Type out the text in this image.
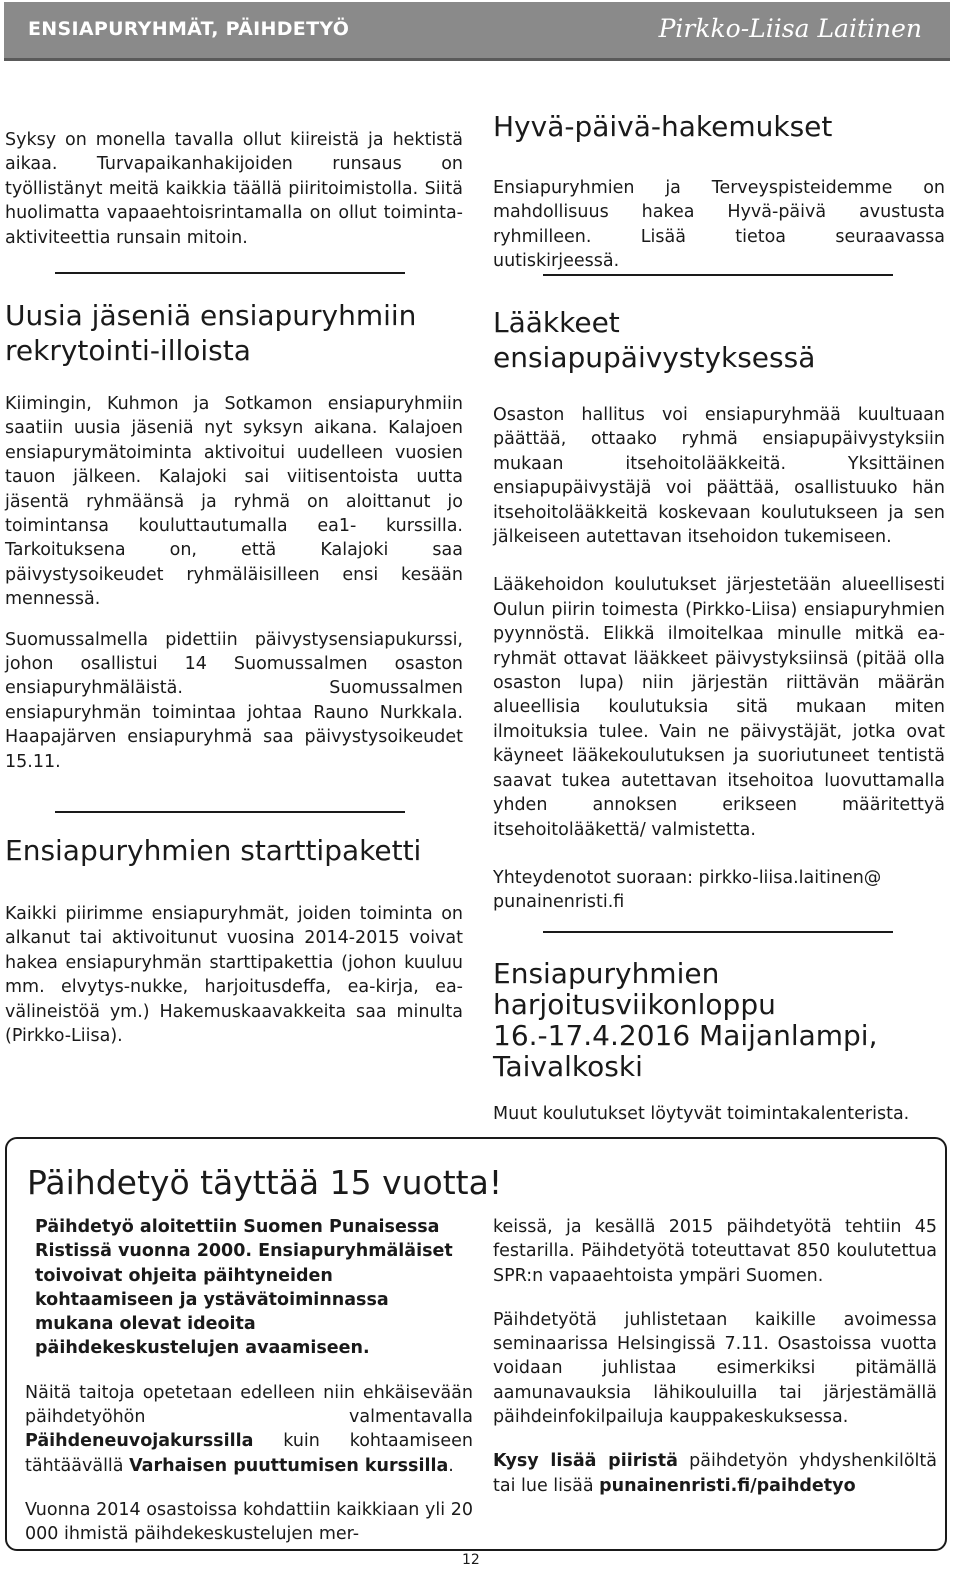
ENSIAPURYHMÄT, PÄIHDETYÖ	Pirkko-Liisa Laitinen

Syksy on monella tavalla ollut kiireistä ja hektistä aikaa. Turvapaikanhakijoiden runsaus on työllistänyt meitä kaikkia täällä piiritoimistolla. Siitä huolimatta vapaaehtoisrintamalla on ollut toiminta-aktiviteettia runsain mitoin.

Uusia jäseniä ensiapuryhmiin rekrytointi-illoista

Kiimingin, Kuhmon ja Sotkamon ensiapuryhmiin saatiin uusia jäseniä nyt syksyn aikana. Kalajoen ensiapurymätoiminta aktivoitui uudelleen vuosien tauon jälkeen. Kalajoki sai viitisentoista uutta jäsentä ryhmäänsä ja ryhmä on aloittanut jo toimintansa kouluttautumalla ea1- kurssilla. Tarkoituksena on, että Kalajoki saa päivystysoikeudet ryhmäläisilleen ensi kesään mennessä.

Suomussalmella pidettiin päivystysensiapukurssi, johon osallistui 14 Suomussalmen osaston ensiapuryhmäläistä. Suomussalmen ensiapuryhmän toimintaa johtaa Rauno Nurkkala. Haapajärven ensiapuryhmä saa päivystysoikeudet 15.11.

Ensiapuryhmien starttipaketti

Kaikki piirimme ensiapuryhmät, joiden toiminta on alkanut tai aktivoitunut vuosina 2014-2015 voivat hakea ensiapuryhmän starttipakettia (johon kuuluu mm. elvytys-nukke, harjoitusdeffa, ea-kirja, ea-välineistöä ym.) Hakemuskaavakkeita saa minulta (Pirkko-Liisa).

Hyvä-päivä-hakemukset

Ensiapuryhmien ja Terveyspisteidemme on mahdollisuus hakea Hyvä-päivä avustusta ryhmilleen. Lisää tietoa seuraavassa uutiskirjeessä.

Lääkkeet ensiapupäivystyksessä

Osaston hallitus voi ensiapuryhmää kuultuaan päättää, ottaako ryhmä ensiapupäivystyksiin mukaan itsehoitolääkkeitä. Yksittäinen ensiapupäivystäjä voi päättää, osallistuuko hän itsehoitolääkkeitä koskevaan koulutukseen ja sen jälkeiseen autettavan itsehoidon tukemiseen.

Lääkehoidon koulutukset järjestetään alueellisesti Oulun piirin toimesta (Pirkko-Liisa) ensiapuryhmien pyynnöstä. Elikkä ilmoitelkaa minulle mitkä ea-ryhmät ottavat lääkkeet päivystyksiinsä (pitää olla osaston lupa) niin järjestän riittävän määrän alueellisia koulutuksia sitä mukaan miten ilmoituksia tulee. Vain ne päivystäjät, jotka ovat käyneet lääkekoulutuksen ja suoriutuneet tentistä saavat tukea autettavan itsehoitoa luovuttamalla yhden annoksen erikseen määritettyä itsehoitolääkettä/ valmistetta.

Yhteydenotot suoraan: pirkko-liisa.laitinen@ punainenristi.fi

Ensiapuryhmien harjoitusviikonloppu 16.-17.4.2016 Maijanlampi, Taivalkoski

Muut koulutukset löytyvät toimintakalenterista.

Päihdetyö täyttää 15 vuotta!

Päihdetyö aloitettiin Suomen Punaisessa Ristissä vuonna 2000. Ensiapuryhmäläiset toivoivat ohjeita päihtyneiden kohtaamiseen ja ystävätoiminnassa mukana olevat ideoita päihdekeskustelujen avaamiseen.

Näitä taitoja opetetaan edelleen niin ehkäisevään päihdetyöhön valmentavalla Päihdeneuvojakurssilla kuin kohtaamiseen tähtäävällä Varhaisen puuttumisen kurssilla.

Vuonna 2014 osastoissa kohdattiin kaikkiaan yli 20 000 ihmistä päihdekeskustelujen mer-

keissä, ja kesällä 2015 päihdetyötä tehtiin 45 festarilla. Päihdetyötä toteuttavat 850 koulutettua SPR:n vapaaehtoista ympäri Suomen.

Päihdetyötä juhlistetaan kaikille avoimessa seminaarissa Helsingissä 7.11. Osastoissa vuotta voidaan juhlistaa esimerkiksi pitämällä aamunavauksia lähikouluilla tai järjestämällä päihdeinfokilpailuja kauppakeskuksessa.

Kysy lisää piiristä päihdetyön yhdyshenkilöltä tai lue lisää punainenristi.fi/paihdetyo

12
